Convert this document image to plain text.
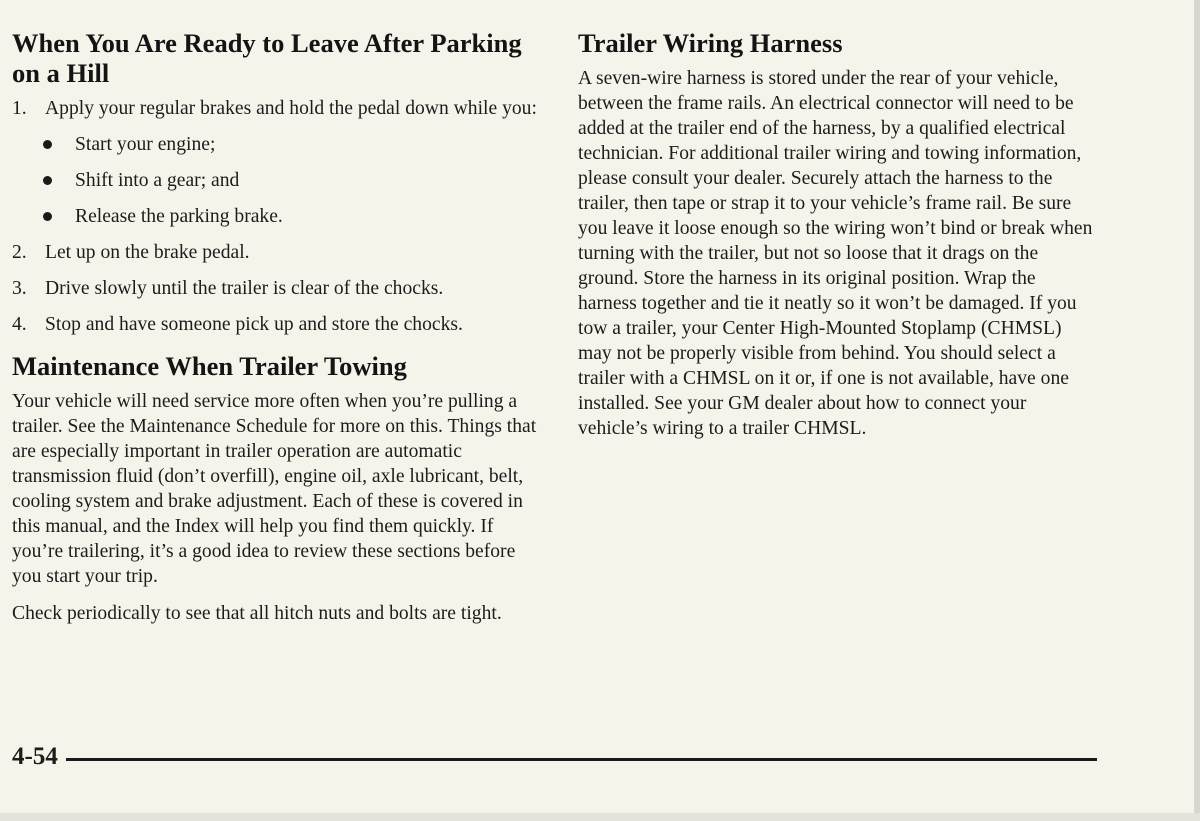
When You Are Ready to Leave After Parking on a Hill
1. Apply your regular brakes and hold the pedal down while you:
Start your engine;
Shift into a gear; and
Release the parking brake.
2. Let up on the brake pedal.
3. Drive slowly until the trailer is clear of the chocks.
4. Stop and have someone pick up and store the chocks.
Maintenance When Trailer Towing

Your vehicle will need service more often when you’re pulling a trailer. See the Maintenance Schedule for more on this. Things that are especially important in trailer operation are automatic transmission fluid (don’t overfill), engine oil, axle lubricant, belt, cooling system and brake adjustment. Each of these is covered in this manual, and the Index will help you find them quickly. If you’re trailering, it’s a good idea to review these sections before you start your trip.

Check periodically to see that all hitch nuts and bolts are tight.

Trailer Wiring Harness

A seven-wire harness is stored under the rear of your vehicle, between the frame rails. An electrical connector will need to be added at the trailer end of the harness, by a qualified electrical technician. For additional trailer wiring and towing information, please consult your dealer. Securely attach the harness to the trailer, then tape or strap it to your vehicle’s frame rail. Be sure you leave it loose enough so the wiring won’t bind or break when turning with the trailer, but not so loose that it drags on the ground. Store the harness in its original position. Wrap the harness together and tie it neatly so it won’t be damaged. If you tow a trailer, your Center High-Mounted Stoplamp (CHMSL) may not be properly visible from behind. You should select a trailer with a CHMSL on it or, if one is not available, have one installed. See your GM dealer about how to connect your vehicle’s wiring to a trailer CHMSL.

4-54
